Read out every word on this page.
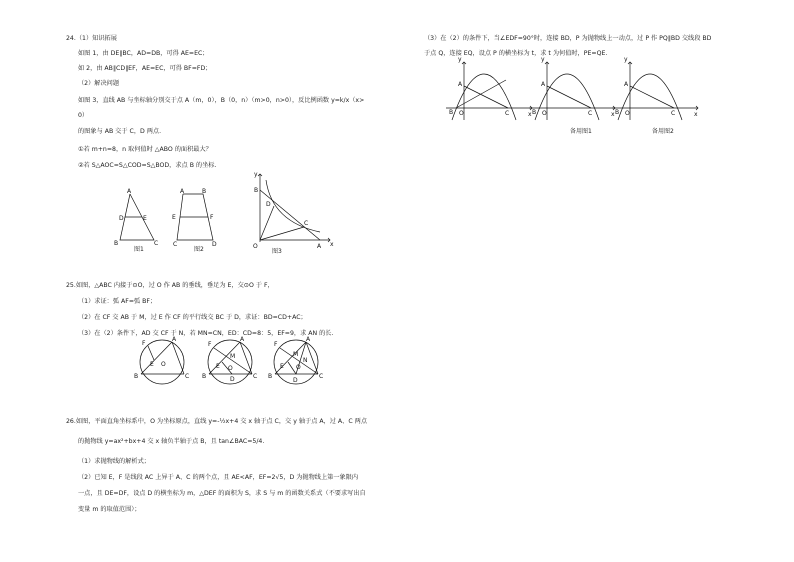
24.（1）知识拓展
如图 1，由 DE∥BC，AD=DB，可得 AE=EC；
如 2，由 AB∥CD∥EF，AE=EC，可得 BF=FD；
（2）解决问题
如图 3，直线 AB 与坐标轴分别交于点 A（m，0），B（0，n）（m>0，n>0），反比例函数 y=k/x（x>
0）
的图象与 AB 交于 C，D 两点.
①若 m+n=8，n 取何值时 △ABO 的面积最大？
②若 S△AOC=S△COD=S△BOD，求点 B 的坐标.
A
D	E
B	C
图1
A	B
E	F
C	D
图2
y
x
B
D
C
A
O
图3
25.如图，△ABC 内接于⊙O，过 O 作 AB 的垂线，垂足为 E，交⊙O 于 F，
（1）求证：弧 AF=弧 BF；
（2）在 CF 交 AB 于 M，过 E 作 CF 的平行线交 BC 于 D，求证：BD=CD+AC；
（3）在（2）条件下，AD 交 CF 于 N，若 MN=CN，ED：CD=8：5，EF=9，求 AN 的长.
A
F
E O
B	C
A
F
M
E O
D
B	C
A
F
M
N
E O
D
B	C
26.如图，平面直角坐标系中，O 为坐标原点，直线 y=-½x+4 交 x 轴于点 C，交 y 轴于点 A，过 A、C 两点
的抛物线 y=ax²+bx+4 交 x 轴负半轴于点 B，且 tan∠BAC=5/4.
（1）求抛物线的解析式；
（2）已知 E，F 是线段 AC 上异于 A、C 的两个点，且 AE<AF，EF=2√5，D 为抛物线上第一象限内
一点，且 DE=DF，设点 D 的横坐标为 m，△DEF 的面积为 S，求 S 与 m 的函数关系式（不要求写出自
变量 m 的取值范围）；
（3）在（2）的条件下，当∠EDF=90°时，连接 BD，P 为抛物线上一动点，过 P 作 PQ∥BD 交线段 BD
于点 Q，连接 EQ，设点 P 的横坐标为 t，求 t 为何值时，PE=QE.
y
x
A
B O	C
y
x
A
B O	C
y
x
A
B O	C
备用图1	备用图2
